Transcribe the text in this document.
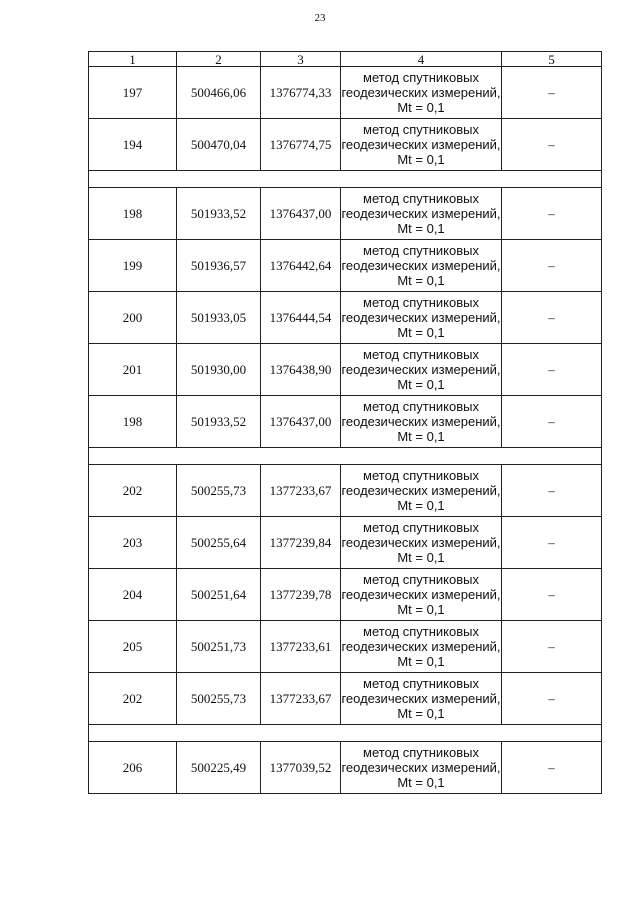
23
1	2	3	4	5
197	500466,06	1376774,33	метод спутниковых геодезических измерений, Mt = 0,1	–
194	500470,04	1376774,75	метод спутниковых геодезических измерений, Mt = 0,1	–

198	501933,52	1376437,00	метод спутниковых геодезических измерений, Mt = 0,1	–
199	501936,57	1376442,64	метод спутниковых геодезических измерений, Mt = 0,1	–
200	501933,05	1376444,54	метод спутниковых геодезических измерений, Mt = 0,1	–
201	501930,00	1376438,90	метод спутниковых геодезических измерений, Mt = 0,1	–
198	501933,52	1376437,00	метод спутниковых геодезических измерений, Mt = 0,1	–

202	500255,73	1377233,67	метод спутниковых геодезических измерений, Mt = 0,1	–
203	500255,64	1377239,84	метод спутниковых геодезических измерений, Mt = 0,1	–
204	500251,64	1377239,78	метод спутниковых геодезических измерений, Mt = 0,1	–
205	500251,73	1377233,61	метод спутниковых геодезических измерений, Mt = 0,1	–
202	500255,73	1377233,67	метод спутниковых геодезических измерений, Mt = 0,1	–

206	500225,49	1377039,52	метод спутниковых геодезических измерений, Mt = 0,1	–
